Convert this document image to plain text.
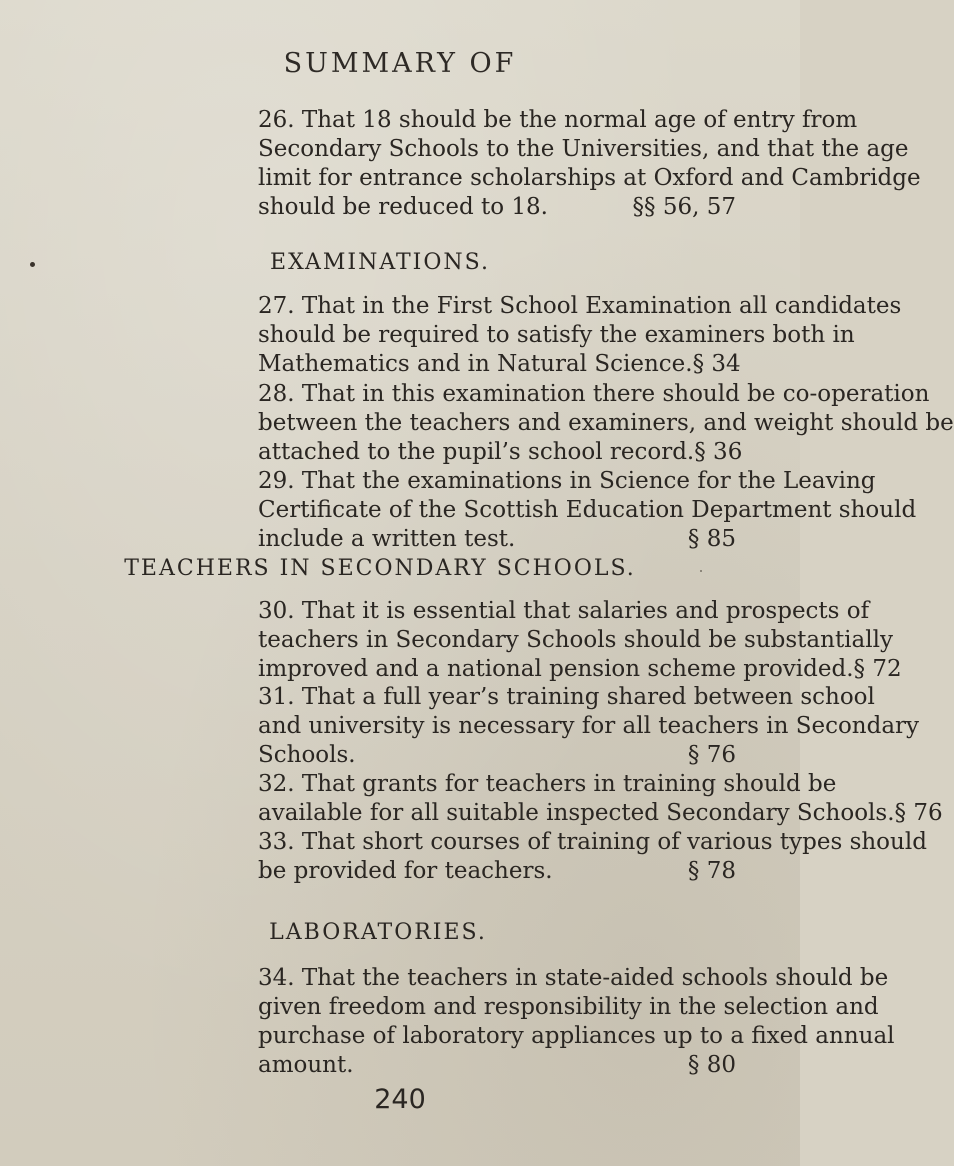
SUMMARY OF
26. That 18 should be the normal age of entry from
Secondary Schools to the Universities, and that the age
limit for entrance scholarships at Oxford and Cambridge
should be reduced to 18.	§§ 56, 57
EXAMINATIONS.
27. That in the First School Examination all candidates
should be required to satisfy the examiners both in
Mathematics and in Natural Science. § 34
28. That in this examination there should be co-operation
between the teachers and examiners, and weight should be
attached to the pupil’s school record. § 36
29. That the examinations in Science for the Leaving
Certificate of the Scottish Education Department should
include a written test.	§ 85
TEACHERS IN SECONDARY SCHOOLS.
30. That it is essential that salaries and prospects of
teachers in Secondary Schools should be substantially
improved and a national pension scheme provided. § 72
31. That a full year’s training shared between school
and university is necessary for all teachers in Secondary
Schools.	§ 76
32. That grants for teachers in training should be
available for all suitable inspected Secondary Schools. § 76
33. That short courses of training of various types should
be provided for teachers.	§ 78
LABORATORIES.
34. That the teachers in state-aided schools should be
given freedom and responsibility in the selection and
purchase of laboratory appliances up to a fixed annual
amount.	§ 80
240
